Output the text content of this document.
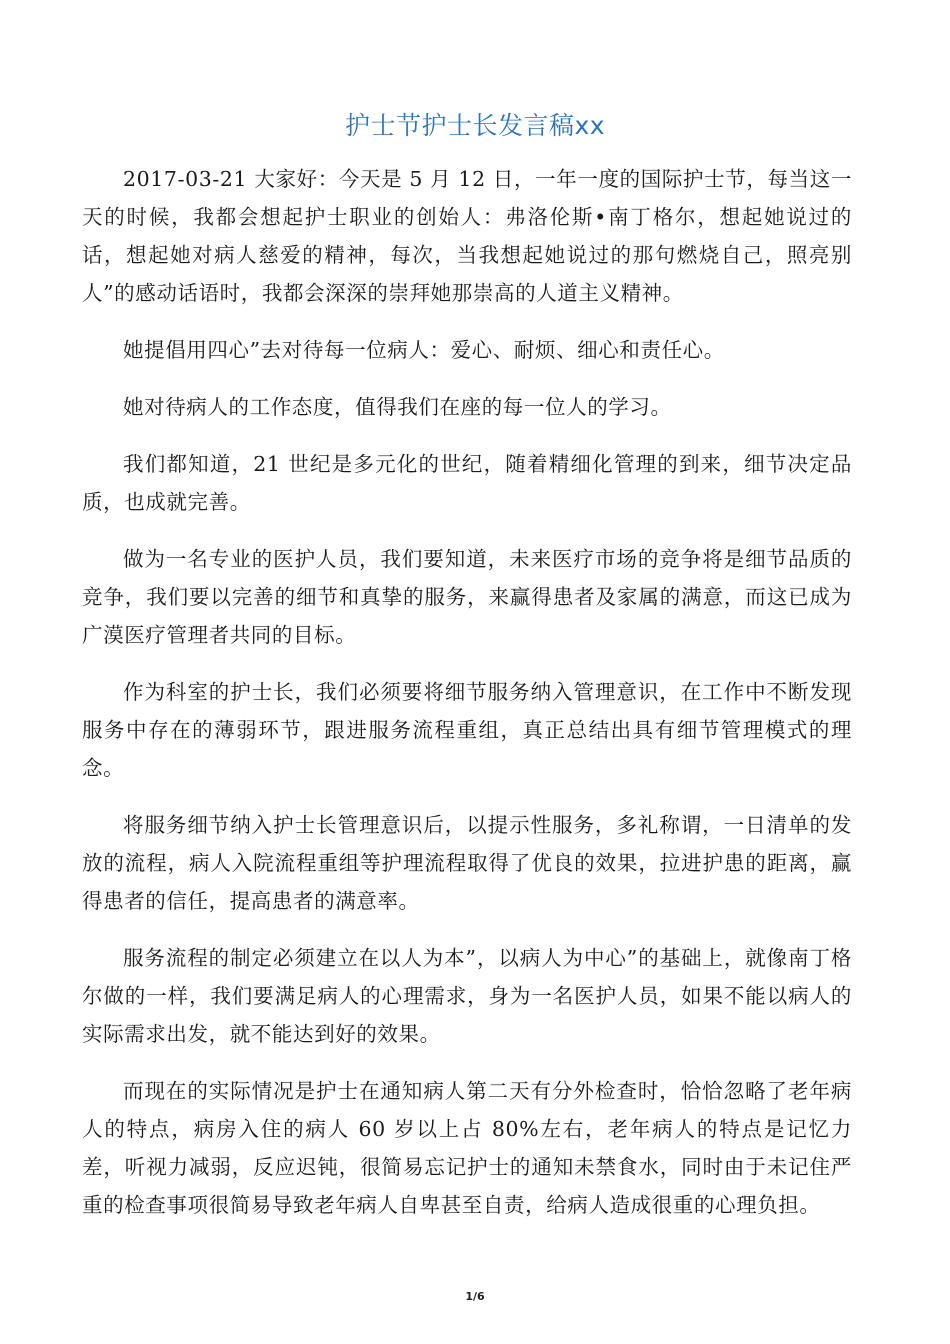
护士节护士长发言稿xx

2017-03-21 大家好：今天是 5 月 12 日，一年一度的国际护士节，每当这一天的时候，我都会想起护士职业的创始人：弗洛伦斯•南丁格尔，想起她说过的话，想起她对病人慈爱的精神，每次，当我想起她说过的那句燃烧自己，照亮别人”的感动话语时，我都会深深的崇拜她那崇高的人道主义精神。

她提倡用四心”去对待每一位病人：爱心、耐烦、细心和责任心。

她对待病人的工作态度，值得我们在座的每一位人的学习。

我们都知道，21 世纪是多元化的世纪，随着精细化管理的到来，细节决定品质，也成就完善。

做为一名专业的医护人员，我们要知道，未来医疗市场的竞争将是细节品质的竞争，我们要以完善的细节和真挚的服务，来赢得患者及家属的满意，而这已成为广漠医疗管理者共同的目标。

作为科室的护士长，我们必须要将细节服务纳入管理意识，在工作中不断发现服务中存在的薄弱环节，跟进服务流程重组，真正总结出具有细节管理模式的理念。

将服务细节纳入护士长管理意识后，以提示性服务，多礼称谓，一日清单的发放的流程，病人入院流程重组等护理流程取得了优良的效果，拉进护患的距离，赢得患者的信任，提高患者的满意率。

服务流程的制定必须建立在以人为本”，以病人为中心”的基础上，就像南丁格尔做的一样，我们要满足病人的心理需求，身为一名医护人员，如果不能以病人的实际需求出发，就不能达到好的效果。

而现在的实际情况是护士在通知病人第二天有分外检查时，恰恰忽略了老年病人的特点，病房入住的病人 60 岁以上占 80%左右，老年病人的特点是记忆力差，听视力减弱，反应迟钝，很简易忘记护士的通知未禁食水，同时由于未记住严重的检查事项很简易导致老年病人自卑甚至自责，给病人造成很重的心理负担。

1/6
